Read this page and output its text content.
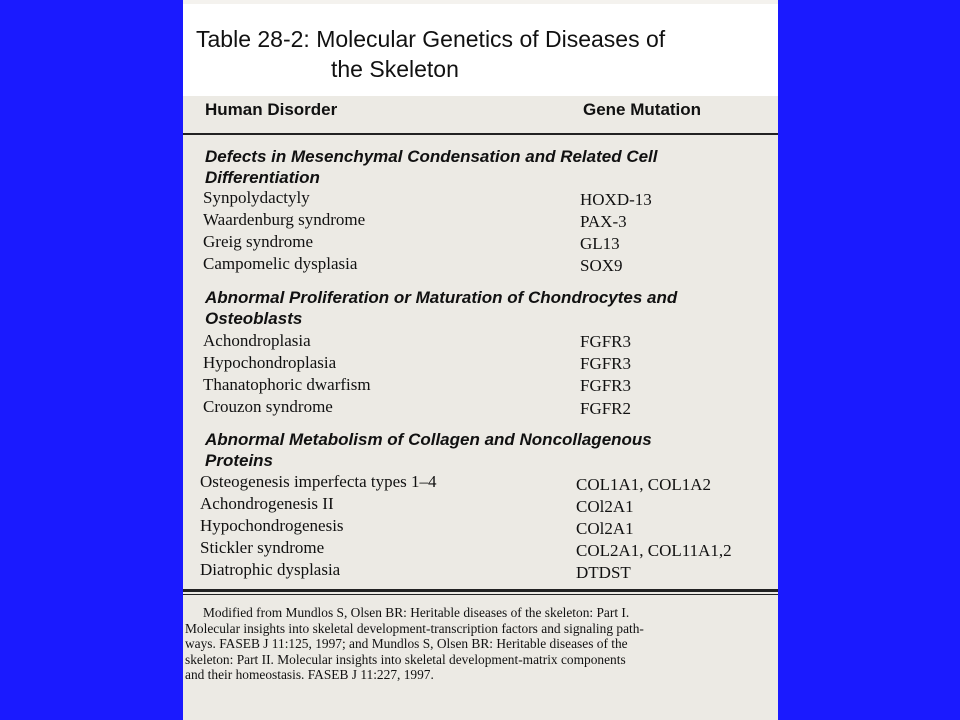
Table 28-2: Molecular Genetics of Diseases of
the Skeleton
Human Disorder	Gene Mutation
Defects in Mesenchymal Condensation and Related Cell
Differentiation
Synpolydactyly	HOXD-13
Waardenburg syndrome	PAX-3
Greig syndrome	GL13
Campomelic dysplasia	SOX9
Abnormal Proliferation or Maturation of Chondrocytes and
Osteoblasts
Achondroplasia	FGFR3
Hypochondroplasia	FGFR3
Thanatophoric dwarfism	FGFR3
Crouzon syndrome	FGFR2
Abnormal Metabolism of Collagen and Noncollagenous
Proteins
Osteogenesis imperfecta types 1–4	COL1A1, COL1A2
Achondrogenesis II	COl2A1
Hypochondrogenesis	COl2A1
Stickler syndrome	COL2A1, COL11A1,2
Diatrophic dysplasia	DTDST
Modified from Mundlos S, Olsen BR: Heritable diseases of the skeleton: Part I.
Molecular insights into skeletal development-transcription factors and signaling path-
ways. FASEB J 11:125, 1997; and Mundlos S, Olsen BR: Heritable diseases of the
skeleton: Part II. Molecular insights into skeletal development-matrix components
and their homeostasis. FASEB J 11:227, 1997.
